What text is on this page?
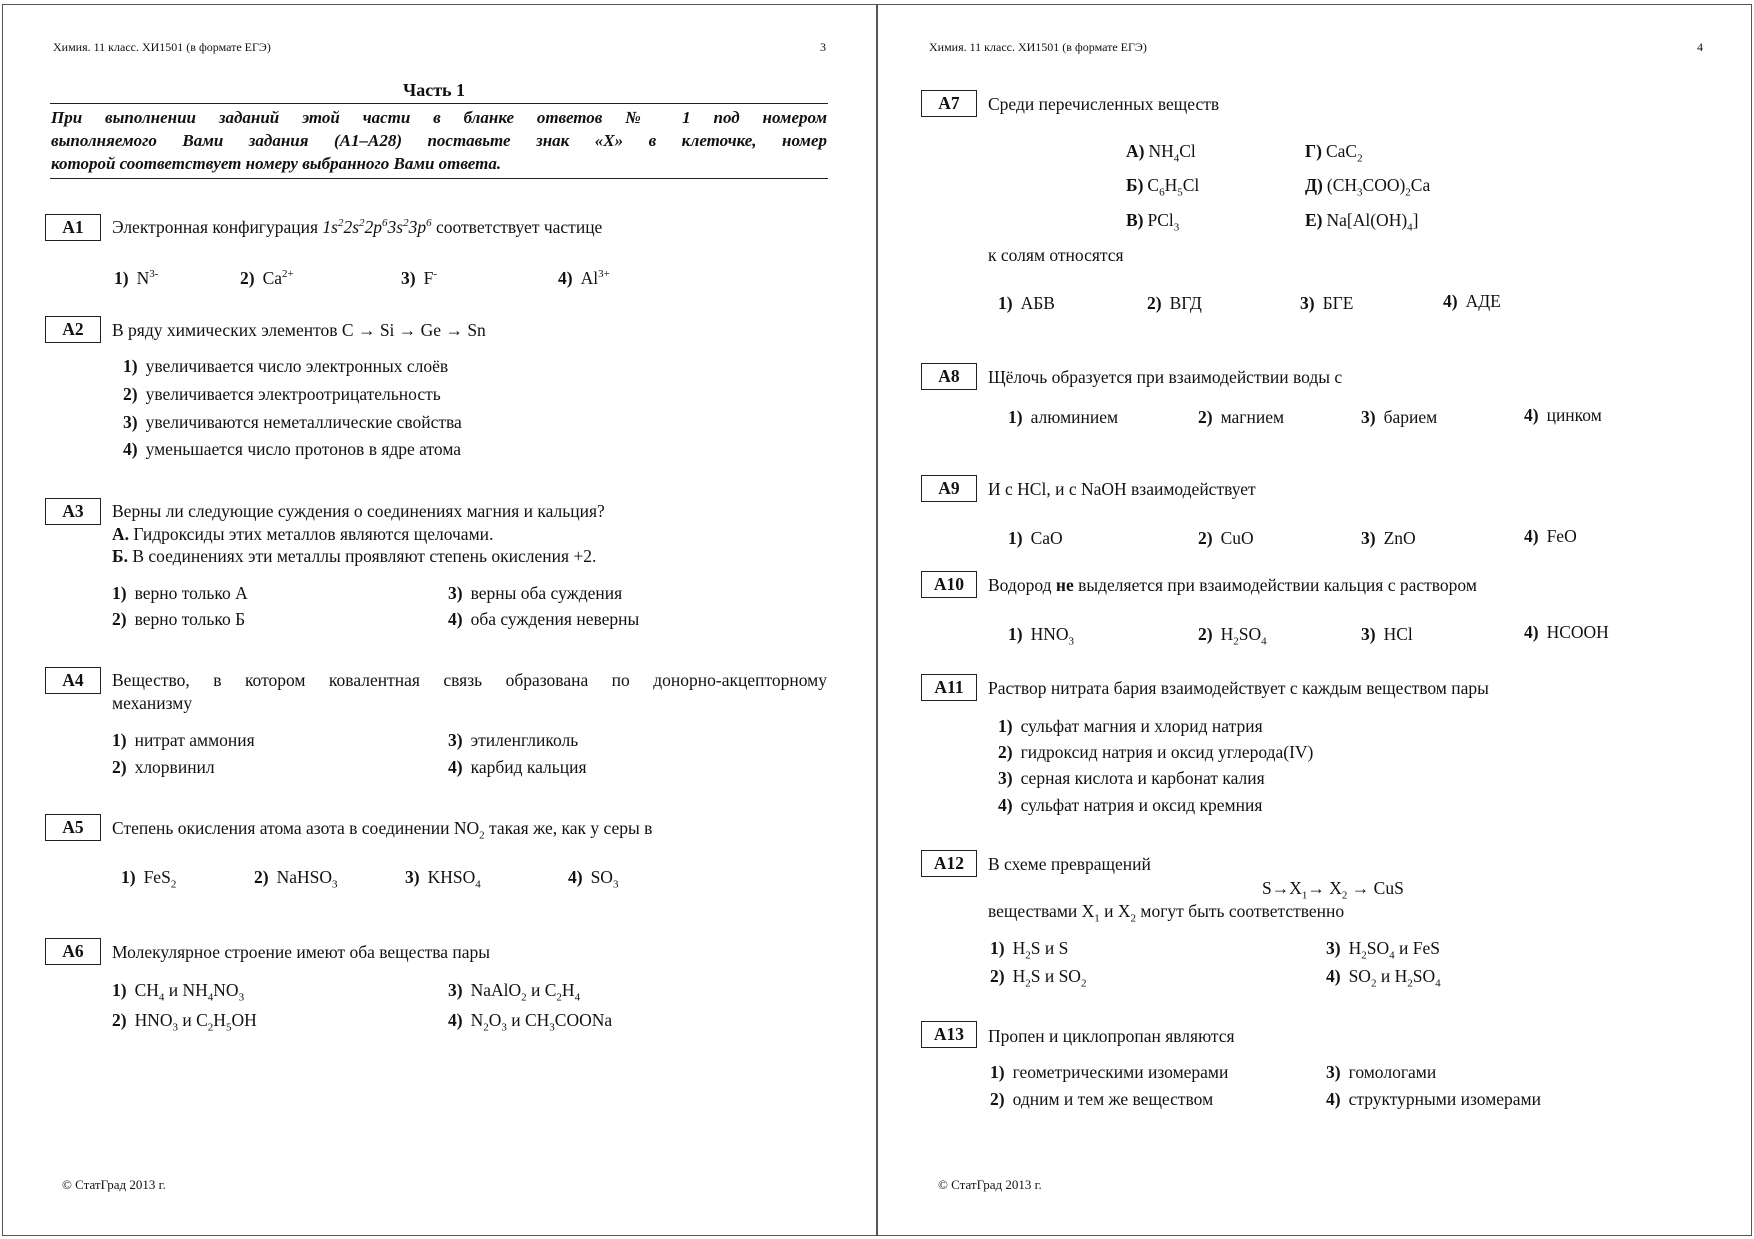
Химия. 11 класс. ХИ1501 (в формате ЕГЭ)	3
Часть 1
При выполнении заданий этой части в бланке ответов № 1 под номером
выполняемого Вами задания (А1–А28) поставьте знак «Х» в клеточке, номер
которой соответствует номеру выбранного Вами ответа.
А1	Электронная конфигурация $1s^22s^22p^63s^23p^6$ соответствует частице
1) $N^{3-}$	2) $Ca^{2+}$	3) F-	4) $Al^{3+}$
А2	В ряду химических элементов C → Si → Ge → Sn
1) увеличивается число электронных слоёв
2) увеличивается электроотрицательность
3) увеличиваются неметаллические свойства
4) уменьшается число протонов в ядре атома
А3	Верны ли следующие суждения о соединениях магния и кальция?
А. Гидроксиды этих металлов являются щелочами.
Б. В соединениях эти металлы проявляют степень окисления +2.
1) верно только А
2) верно только Б
3) верны оба суждения
4) оба суждения неверны
А4	Вещество, в котором ковалентная связь образована по донорно-акцепторному
механизму
1) нитрат аммония
2) хлорвинил
3) этиленгликоль
4) карбид кальция
А5	Степень окисления атома азота в соединении $NO_2$ такая же, как у серы в
1) FeS$_2$	2) NaHSO$_3$	3) $KHSO_4$	4) $SO_3$
А6	Молекулярное строение имеют оба вещества пары
1) $CH_4$ и $NH_4NO_3$
2) $HNO_3$ и $C_2H_5OH$
3) NaAlO$_2$ и $C_2H_4$
4) $N_2O_3$ и $CH_3COONa$
© СтатГрад 2013 г.
Химия. 11 класс. ХИ1501 (в формате ЕГЭ)	4
А7	Среди перечисленных веществ
А) $NH_4Cl$
Б) $C_6H_5Cl$
В) PCl$_3$
Г) CaC$_2$
Д) $(CH_3COO)_2Ca$
Е) $Na[Al(OH)_4]$
к солям относятся
1) АБВ	2) ВГД	3) БГЕ	4) АДЕ
А8	Щёлочь образуется при взаимодействии воды с
1) алюминием	2) магнием	3) барием	4) цинком
А9	И с HCl, и с NaOH взаимодействует
1) CaO	2) CuO	3) ZnO	4) FeO
А10	Водород не выделяется при взаимодействии кальция с раствором
1) $HNO_3$	2) $H_2SO_4$	3) HCl	4) HCOOH
А11	Раствор нитрата бария взаимодействует с каждым веществом пары
1) сульфат магния и хлорид натрия
2) гидроксид натрия и оксид углерода(IV)
3) серная кислота и карбонат калия
4) сульфат натрия и оксид кремния
А12	В схеме превращений
$S\to X_1\to X_2$ → CuS
веществами $X_1$ и $X_2$ могут быть соответственно
1) $H_2S$ и S
2) $H_2S$ и $SO_2$
3) $H_2SO_4$ и FeS
4) $SO_2$ и $H_2SO_4$
А13	Пропен и циклопропан являются
1) геометрическими изомерами
2) одним и тем же веществом
3) гомологами
4) структурными изомерами
© СтатГрад 2013 г.
